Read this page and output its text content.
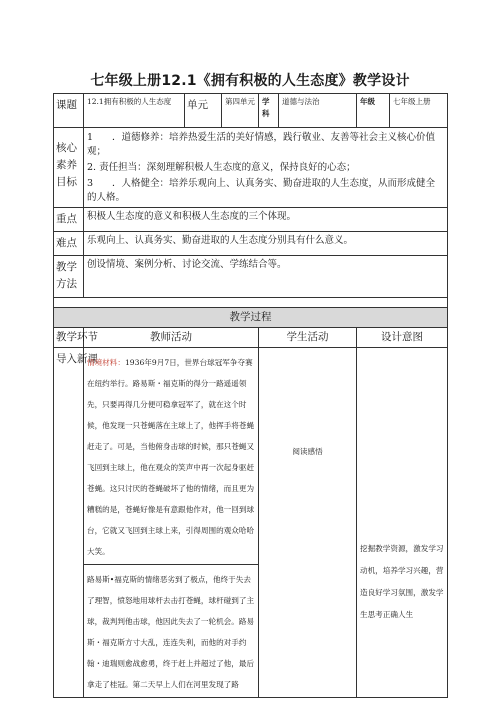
七年级上册12.1《拥有积极的人生态度》教学设计
课题	12.1拥有积极的人生态度	单元	第四单元	学科	道德与法治	年级	七年级上册
核心素养目标	1　　．道德修养：培养热爱生活的美好情感，践行敬业、友善等社会主义核心价值观；
2. 责任担当：深刻理解积极人生态度的意义，保持良好的心态；
3　　．人格健全：培养乐观向上、认真务实、勤奋进取的人生态度，从而形成健全的人格。						

重点	积极人生态度的意义和积极人生态度的三个体现。						
难点	乐观向上、认真务实、勤奋进取的人生态度分别具有什么意义。						
教学方法	创设情境、案例分析、讨论交流、学练结合等。						

教学过程							
教学环节	教师活动			学生活动		设计意图	
导入新课	情境材料：1936年9月7日，世界台球冠军争夺赛在纽约举行。路易斯・福克斯的得分一路遥遥领先，只要再得几分便可稳拿冠军了，就在这个时候，他发现一只苍蝇落在主球上了，他挥手将苍蝇赶走了。可是，当他俯身击球的时候，那只苍蝇又飞回到主球上，他在观众的笑声中再一次起身驱赶苍蝇。这只讨厌的苍蝇破坏了他的情绪，而且更为糟糕的是，苍蝇好像是有意跟他作对，他一回到球台，它就又飞回到主球上来，引得周围的观众哈哈大笑。
路易斯•福克斯的情绪恶劣到了极点，他终于失去了理智，愤怒地用球杆去击打苍蝇，球杆碰到了主球，裁判判他击球，他因此失去了一轮机会。路易斯・福克斯方寸大乱，连连失利，而他的对手约翰・迪瑞则愈战愈勇，终于赶上并超过了他，最后拿走了桂冠。第二天早上人们在河里发现了路			阅读感悟		挖掘教学资源，激发学习动机，培养学习兴趣，营造良好学习氛围，激发学生思考正确人生	
